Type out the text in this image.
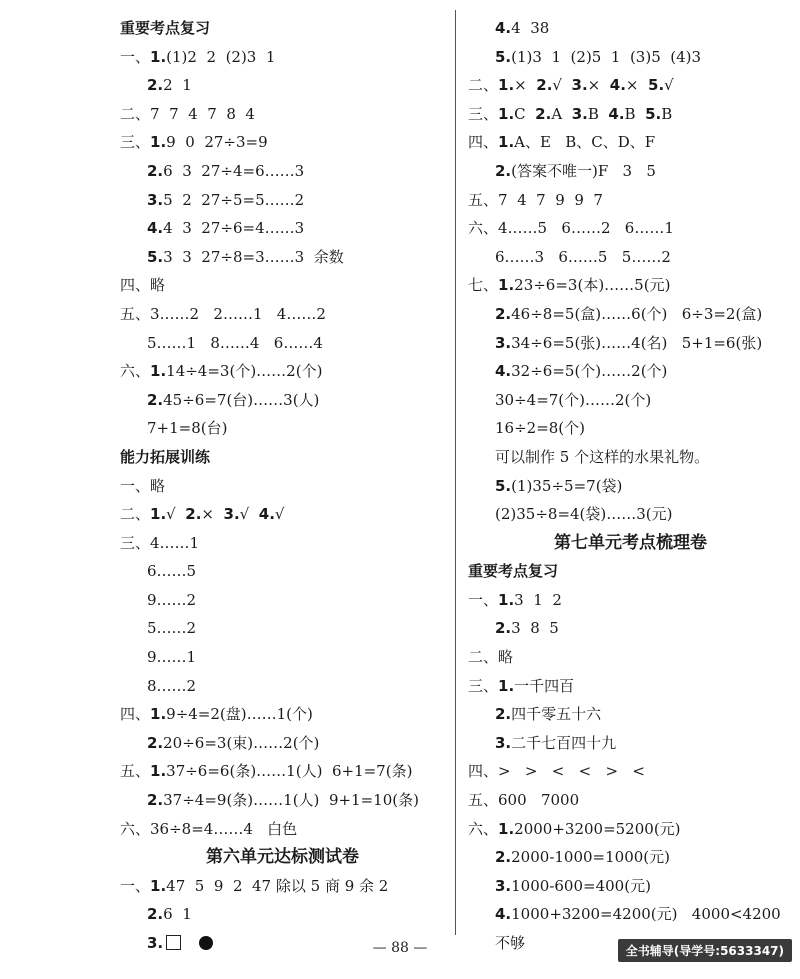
重要考点复习
一、1.(1)2  2  (2)3  1
2.2  1
二、7  7  4  7  8  4
三、1.9  0  27÷3=9
2.6  3  27÷4=6……3
3.5  2  27÷5=5……2
4.4  3  27÷6=4……3
5.3  3  27÷8=3……3  余数
四、略
五、3……2   2……1   4……2
5……1   8……4   6……4
六、1.14÷4=3(个)……2(个)
2.45÷6=7(台)……3(人)
7+1=8(台)
能力拓展训练
一、略
二、1.√  2.×  3.√  4.√
三、4……1
6……5
9……2
5……2
9……1
8……2
四、1.9÷4=2(盘)……1(个)
2.20÷6=3(束)……2(个)
五、1.37÷6=6(条)……1(人)  6+1=7(条)
2.37÷4=9(条)……1(人)  9+1=10(条)
六、36÷8=4……4   白色
第六单元达标测试卷
一、1.47  5  9  2  47 除以 5 商 9 余 2
2.6  1
3.
4.4  38
5.(1)3  1  (2)5  1  (3)5  (4)3
二、1.×  2.√  3.×  4.×  5.√
三、1.C  2.A  3.B  4.B  5.B
四、1.A、E   B、C、D、F
2.(答案不唯一)F   3   5
五、7  4  7  9  9  7
六、4……5   6……2   6……1
6……3   6……5   5……2
七、1.23÷6=3(本)……5(元)
2.46÷8=5(盒)……6(个)   6÷3=2(盒)
3.34÷6=5(张)……4(名)   5+1=6(张)
4.32÷6=5(个)……2(个)
30÷4=7(个)……2(个)
16÷2=8(个)
可以制作 5 个这样的水果礼物。
5.(1)35÷5=7(袋)
(2)35÷8=4(袋)……3(元)
第七单元考点梳理卷
重要考点复习
一、1.3  1  2
2.3  8  5
二、略
三、1.一千四百
2.四千零五十六
3.二千七百四十九
四、>   >   <   <   >   <
五、600   7000
六、1.2000+3200=5200(元)
2.2000-1000=1000(元)
3.1000-600=400(元)
4.1000+3200=4200(元)   4000<4200
不够
— 88 —	全书辅导(导学号:5633347)
